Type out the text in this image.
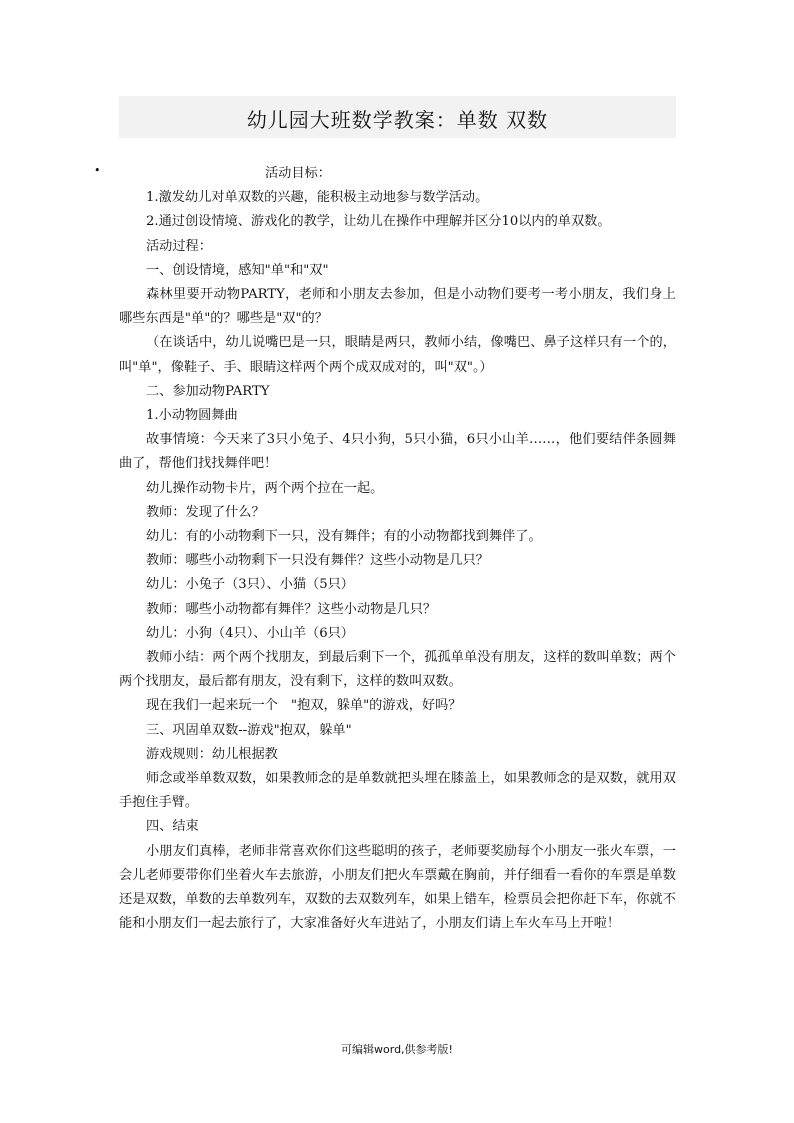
幼儿园大班数学教案：单数 双数
•	活动目标：

1.激发幼儿对单双数的兴趣，能积极主动地参与数学活动。

2.通过创设情境、游戏化的教学，让幼儿在操作中理解并区分10以内的单双数。

活动过程：

一、创设情境，感知"单"和"双"

森林里要开动物PARTY，老师和小朋友去参加，但是小动物们要考一考小朋友，我们身上哪些东西是"单"的？哪些是"双"的？

（在谈话中，幼儿说嘴巴是一只，眼睛是两只，教师小结，像嘴巴、鼻子这样只有一个的，叫"单"，像鞋子、手、眼睛这样两个两个成双成对的，叫"双"。）

二、参加动物PARTY

1.小动物圆舞曲

故事情境：今天来了3只小兔子、4只小狗，5只小猫，6只小山羊……，他们要结伴条圆舞曲了，帮他们找找舞伴吧！

幼儿操作动物卡片，两个两个拉在一起。

教师：发现了什么？

幼儿：有的小动物剩下一只，没有舞伴；有的小动物都找到舞伴了。

教师：哪些小动物剩下一只没有舞伴？这些小动物是几只？

幼儿：小兔子（3只）、小猫（5只）

教师：哪些小动物都有舞伴？这些小动物是几只？

幼儿：小狗（4只）、小山羊（6只）

教师小结：两个两个找朋友，到最后剩下一个，孤孤单单没有朋友，这样的数叫单数；两个两个找朋友，最后都有朋友，没有剩下，这样的数叫双数。

现在我们一起来玩一个　"抱双，躲单"的游戏，好吗？

三、巩固单双数--游戏"抱双，躲单"

游戏规则：幼儿根据教

师念或举单数双数，如果教师念的是单数就把头埋在膝盖上，如果教师念的是双数，就用双手抱住手臂。

四、结束

小朋友们真棒，老师非常喜欢你们这些聪明的孩子，老师要奖励每个小朋友一张火车票，一会儿老师要带你们坐着火车去旅游，小朋友们把火车票戴在胸前，并仔细看一看你的车票是单数还是双数，单数的去单数列车，双数的去双数列车，如果上错车，检票员会把你赶下车，你就不能和小朋友们一起去旅行了，大家准备好火车进站了，小朋友们请上车火车马上开啦！

可编辑word,供参考版!
